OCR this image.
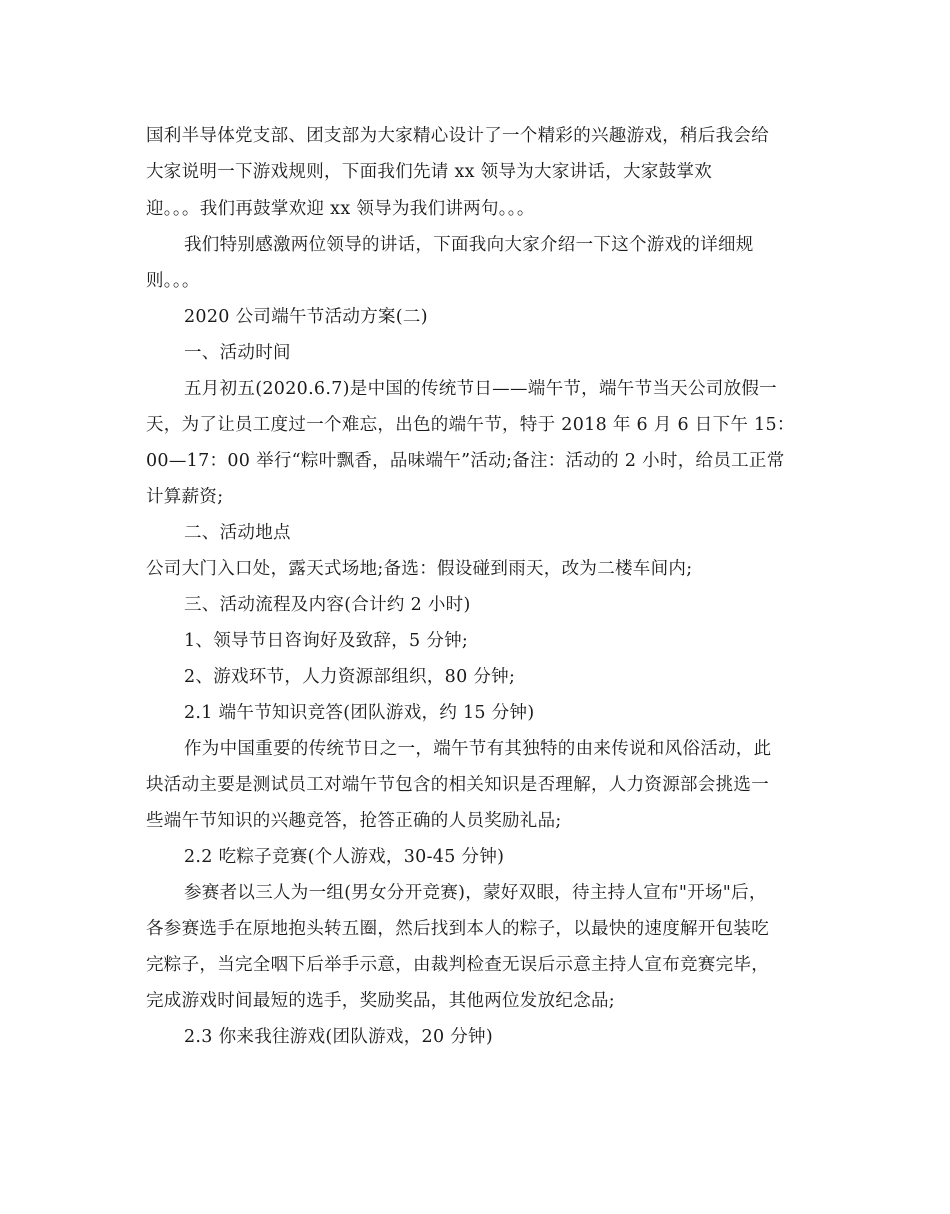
国利半导体党支部、团支部为大家精心设计了一个精彩的兴趣游戏，稍后我会给
大家说明一下游戏规则，下面我们先请 xx 领导为大家讲话，大家鼓掌欢
迎。。。我们再鼓掌欢迎 xx 领导为我们讲两句。。。
我们特别感激两位领导的讲话，下面我向大家介绍一下这个游戏的详细规
则。。。
2020 公司端午节活动方案(二)
一、活动时间
五月初五(2020.6.7)是中国的传统节日——端午节，端午节当天公司放假一
天，为了让员工度过一个难忘，出色的端午节，特于 2018 年 6 月 6 日下午 15：
00—17：00 举行“粽叶飘香，品味端午”活动;备注：活动的 2 小时，给员工正常
计算薪资;
二、活动地点
公司大门入口处，露天式场地;备选：假设碰到雨天，改为二楼车间内;
三、活动流程及内容(合计约 2 小时)
1、领导节日咨询好及致辞，5 分钟;
2、游戏环节，人力资源部组织，80 分钟;
2.1 端午节知识竞答(团队游戏，约 15 分钟)
作为中国重要的传统节日之一，端午节有其独特的由来传说和风俗活动，此
块活动主要是测试员工对端午节包含的相关知识是否理解，人力资源部会挑选一
些端午节知识的兴趣竞答，抢答正确的人员奖励礼品;
2.2 吃粽子竞赛(个人游戏，30-45 分钟)
参赛者以三人为一组(男女分开竞赛)，蒙好双眼，待主持人宣布"开场"后，
各参赛选手在原地抱头转五圈，然后找到本人的粽子，以最快的速度解开包装吃
完粽子，当完全咽下后举手示意，由裁判检查无误后示意主持人宣布竞赛完毕，
完成游戏时间最短的选手，奖励奖品，其他两位发放纪念品;
2.3 你来我往游戏(团队游戏，20 分钟)
